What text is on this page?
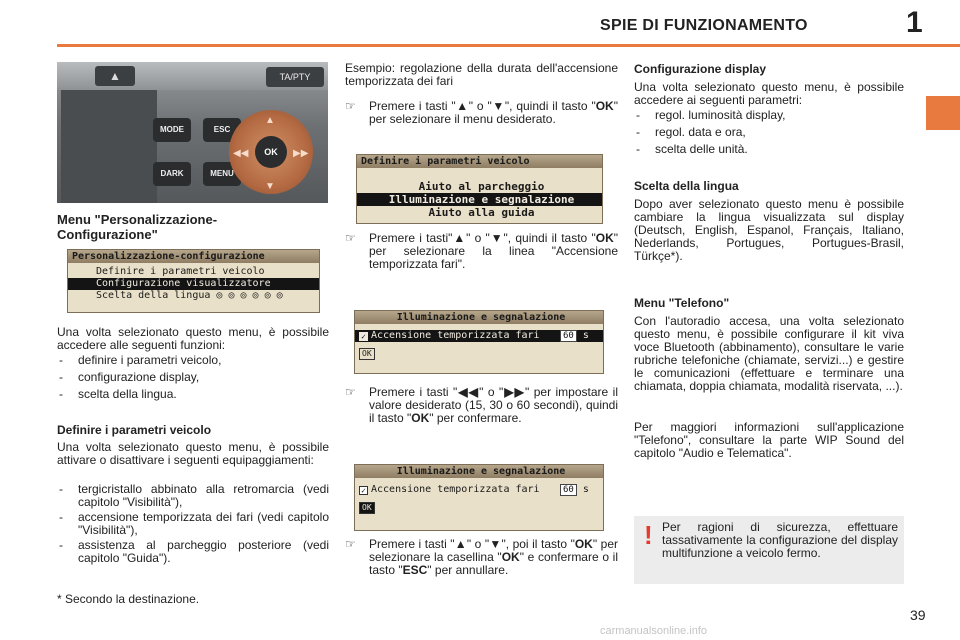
SPIE DI FUNZIONAMENTO	1
▲	TA/PTY
MODE
DARK
ESC
MENU
▲
▼
◀◀	▶▶
OK
Menu "Personalizzazione-Configurazione"
Personalizzazione-configurazione
Definire i parametri veicolo
Configurazione visualizzatore
Scelta della lingua ◎ ◎ ◎ ◎ ◎ ◎

Una volta selezionato questo menu, è possibile accedere alle seguenti funzioni:

- definire i parametri veicolo,
- configurazione display,
- scelta della lingua.
Definire i parametri veicolo

Una volta selezionato questo menu, è possibile attivare o disattivare i seguenti equipaggiamenti:

- tergicristallo abbinato alla retromarcia (vedi capitolo "Visibilità"),
- accensione temporizzata dei fari (vedi capitolo "Visibilità"),
- assistenza al parcheggio posteriore (vedi capitolo "Guida").

* Secondo la destinazione.

Esempio: regolazione della durata dell'accensione temporizzata dei fari

☞ Premere i tasti "▲" o "▼", quindi il tasto "OK" per selezionare il menu desiderato.
Definire i parametri veicolo
Aiuto al parcheggio
Illuminazione e segnalazione
Aiuto alla guida
☞ Premere i tasti"▲" o "▼", quindi il tasto "OK" per selezionare la linea "Accensione temporizzata fari".
Illuminazione e segnalazione
✓ Accensione temporizzata fari	60 s
OK
☞ Premere i tasti "◀◀" o "▶▶" per impostare il valore desiderato (15, 30 o 60 secondi), quindi il tasto "OK" per confermare.
Illuminazione e segnalazione
✓ Accensione temporizzata fari	60 s
OK
☞ Premere i tasti "▲" o "▼", poi il tasto "OK" per selezionare la casellina "OK" e confermare o il tasto "ESC" per annullare.
Configurazione display

Una volta selezionato questo menu, è possibile accedere ai seguenti parametri:

- regol. luminosità display,
- regol. data e ora,
- scelta delle unità.
Scelta della lingua

Dopo aver selezionato questo menu è possibile cambiare la lingua visualizzata sul display (Deutsch, English, Espanol, Français, Italiano, Nederlands, Portugues, Portugues-Brasil, Türkçe*).

Menu "Telefono"

Con l'autoradio accesa, una volta selezionato questo menu, è possibile configurare il kit viva voce Bluetooth (abbinamento), consultare le varie rubriche telefoniche (chiamate, servizi...) e gestire le comunicazioni (effettuare e terminare una chiamata, doppia chiamata, modalità riservata, ...).

Per maggiori informazioni sull'applicazione "Telefono", consultare la parte WIP Sound del capitolo "Audio e Telematica".

! Per ragioni di sicurezza, effettuare tassativamente la configurazione del display multifunzione a veicolo fermo.
39
carmanualsonline.info
